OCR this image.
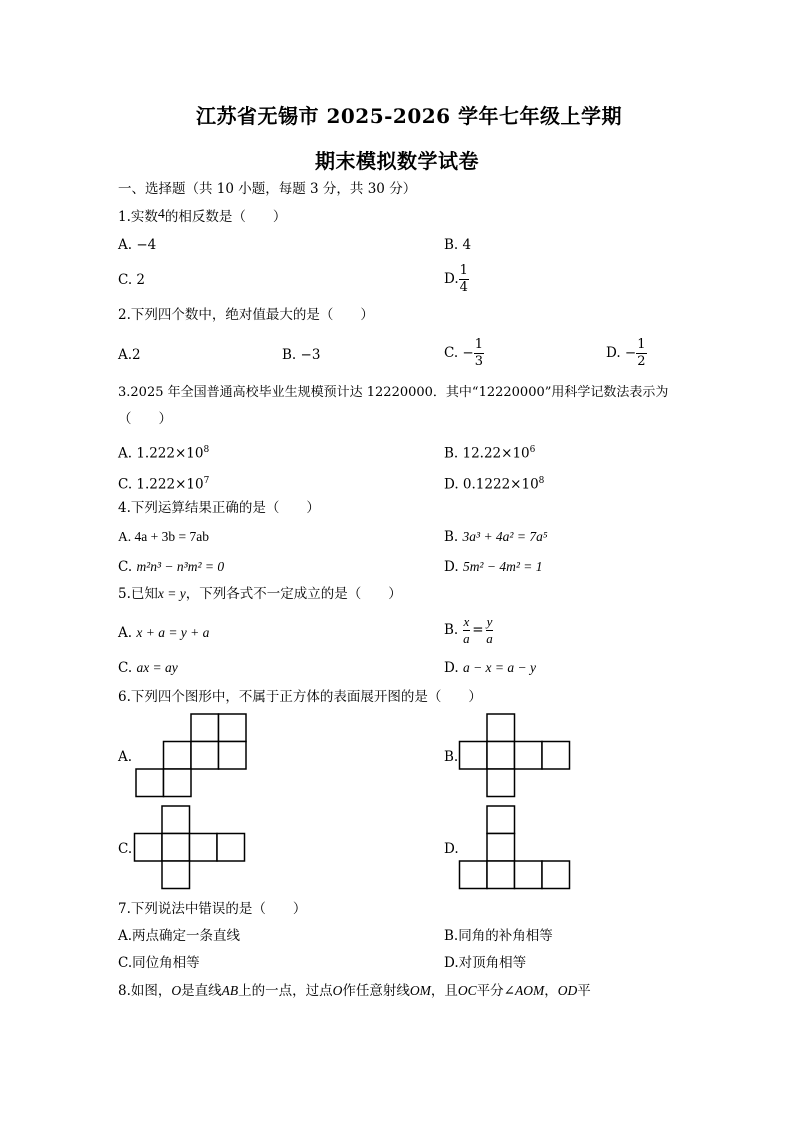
江苏省无锡市 2025-2026 学年七年级上学期
期末模拟数学试卷
一、选择题（共 10 小题，每题 3 分，共 30 分）
1.实数4的相反数是（　　）
A. −4	B. 4
C. 2	D. $\frac{1}{4}$
2.下列四个数中，绝对值最大的是（　　）
A.2	B. −3	C. − $\frac{1}{3}$	D. − $\frac{1}{2}$
3.2025 年全国普通高校毕业生规模预计达 12220000．其中“12220000”用科学记数法表示为
（　　）
A. $1.222\times 10^8$	B. $12.22\times 10^6$
C. $1.222\times 10^7$	D. $0.1222\times 10^8$
4.下列运算结果正确的是（　　）
A. 4a + 3b = 7ab	B. 3a³ + 4a² = 7a⁵
C. m²n³ − n³m² = 0	D. 5m² − 4m² = 1
5.已知x = y，下列各式不一定成立的是（　　）
A. x + a = y + a	B. $\frac{x}{a} = \frac{y}{a}$
C. ax = ay	D. a − x = a − y
6.下列四个图形中，不属于正方体的表面展开图的是（　　）
A.	B.
C.	D.
7.下列说法中错误的是（　　）
A.两点确定一条直线	B.同角的补角相等
C.同位角相等	D.对顶角相等
8.如图，O是直线AB上的一点，过点O作任意射线OM，且OC平分∠AOM，OD平
